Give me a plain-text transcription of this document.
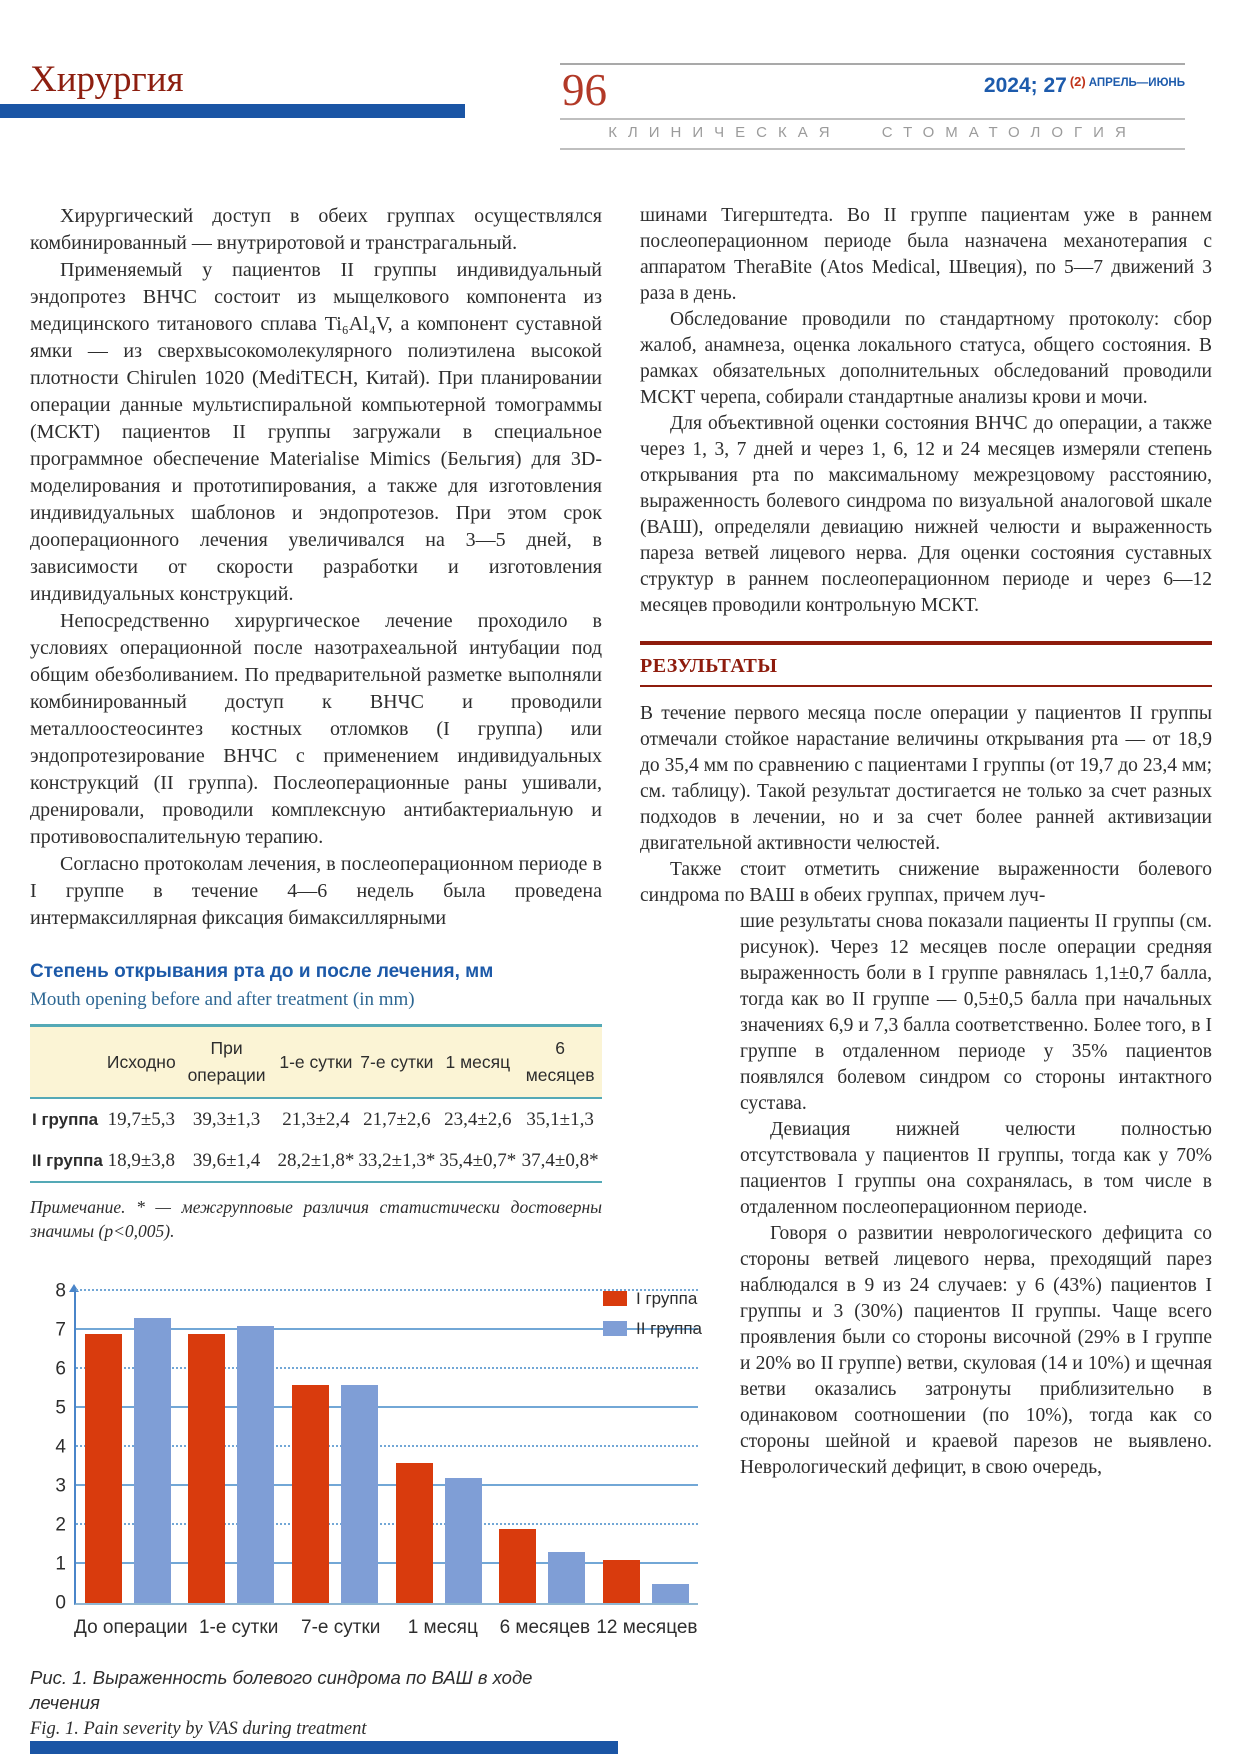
Хирургия	96	2024; 27 $^{(2)}$ $^{АПРЕЛЬ—ИЮНЬ}$
КЛИНИЧЕСКАЯ СТОМАТОЛОГИЯ

Хирургический доступ в обеих группах осуществлялся комбинированный — внутриротовой и транстрагальный.

Применяемый у пациентов II группы индивидуальный эндопротез ВНЧС состоит из мыщелкового компонента из медицинского титанового сплава Ti₆Al₄V, а компонент суставной ямки — из сверхвысокомолекулярного полиэтилена высокой плотности Chirulen 1020 (MediTECH, Китай). При планировании операции данные мультиспиральной компьютерной томограммы (МСКТ) пациентов II группы загружали в специальное программное обеспечение Materialise Mimics (Бельгия) для 3D-моделирования и прототипирования, а также для изготовления индивидуальных шаблонов и эндопротезов. При этом срок дооперационного лечения увеличивался на 3—5 дней, в зависимости от скорости разработки и изготовления индивидуальных конструкций.

Непосредственно хирургическое лечение проходило в условиях операционной после назотрахеальной интубации под общим обезболиванием. По предварительной разметке выполняли комбинированный доступ к ВНЧС и проводили металлоостеосинтез костных отломков (I группа) или эндопротезирование ВНЧС с применением индивидуальных конструкций (II группа). Послеоперационные раны ушивали, дренировали, проводили комплексную антибактериальную и противовоспалительную терапию.

Согласно протоколам лечения, в послеоперационном периоде в I группе в течение 4—6 недель была проведена интермаксиллярная фиксация бимаксиллярными

Степень открывания рта до и после лечения, мм
Mouth opening before and after treatment (in mm)
	Исходно	При операции	1-е сутки	7-е сутки	1 месяц	6 месяцев
I группа	19,7±5,3	39,3±1,3	21,3±2,4	21,7±2,6	23,4±2,6	35,1±1,3
II группа	18,9±3,8	39,6±1,4	28,2±1,8*	33,2±1,3*	35,4±0,7*	37,4±0,8*
Примечание. * — межгрупповые различия статистически достоверны значимы (p<0,005).
0
1
2
3
4
5
6
7
8
До операции 1-е сутки	7-е сутки	1 месяц	6 месяцев 12 месяцев
I группа
II группа
Рис. 1. Выраженность болевого синдрома по ВАШ в ходе лечения
Fig. 1. Pain severity by VAS during treatment

шинами Тигерштедта. Во II группе пациентам уже в раннем послеоперационном периоде была назначена механотерапия с аппаратом TheraBite (Atos Medical, Швеция), по 5—7 движений 3 раза в день.

Обследование проводили по стандартному протоколу: сбор жалоб, анамнеза, оценка локального статуса, общего состояния. В рамках обязательных дополнительных обследований проводили МСКТ черепа, собирали стандартные анализы крови и мочи.

Для объективной оценки состояния ВНЧС до операции, а также через 1, 3, 7 дней и через 1, 6, 12 и 24 месяцев измеряли степень открывания рта по максимальному межрезцовому расстоянию, выраженность болевого синдрома по визуальной аналоговой шкале (ВАШ), определяли девиацию нижней челюсти и выраженность пареза ветвей лицевого нерва. Для оценки состояния суставных структур в раннем послеоперационном периоде и через 6—12 месяцев проводили контрольную МСКТ.

РЕЗУЛЬТАТЫ

В течение первого месяца после операции у пациентов II группы отмечали стойкое нарастание величины открывания рта — от 18,9 до 35,4 мм по сравнению с пациентами I группы (от 19,7 до 23,4 мм; см. таблицу). Такой результат достигается не только за счет разных подходов в лечении, но и за счет более ранней активизации двигательной активности челюстей.

Также стоит отметить снижение выраженности болевого синдрома по ВАШ в обеих группах, причем луч-

шие результаты снова показали пациенты II группы (см. рисунок). Через 12 месяцев после операции средняя выраженность боли в I группе равнялась 1,1±0,7 балла, тогда как во II группе — 0,5±0,5 балла при начальных значениях 6,9 и 7,3 балла соответственно. Более того, в I группе в отдаленном периоде у 35% пациентов появлялся болевом синдром со стороны интактного сустава.

Девиация нижней челюсти полностью отсутствовала у пациентов II группы, тогда как у 70% пациентов I группы она сохранялась, в том числе в отдаленном послеоперационном периоде.

Говоря о развитии неврологического дефицита со стороны ветвей лицевого нерва, преходящий парез наблюдался в 9 из 24 случаев: у 6 (43%) пациентов I группы и 3 (30%) пациентов II группы. Чаще всего проявления были со стороны височной (29% в I группе и 20% во II группе) ветви, скуловая (14 и 10%) и щечная ветви оказались затронуты приблизительно в одинаковом соотношении (по 10%), тогда как со стороны шейной и краевой парезов не выявлено. Неврологический дефицит, в свою очередь,
